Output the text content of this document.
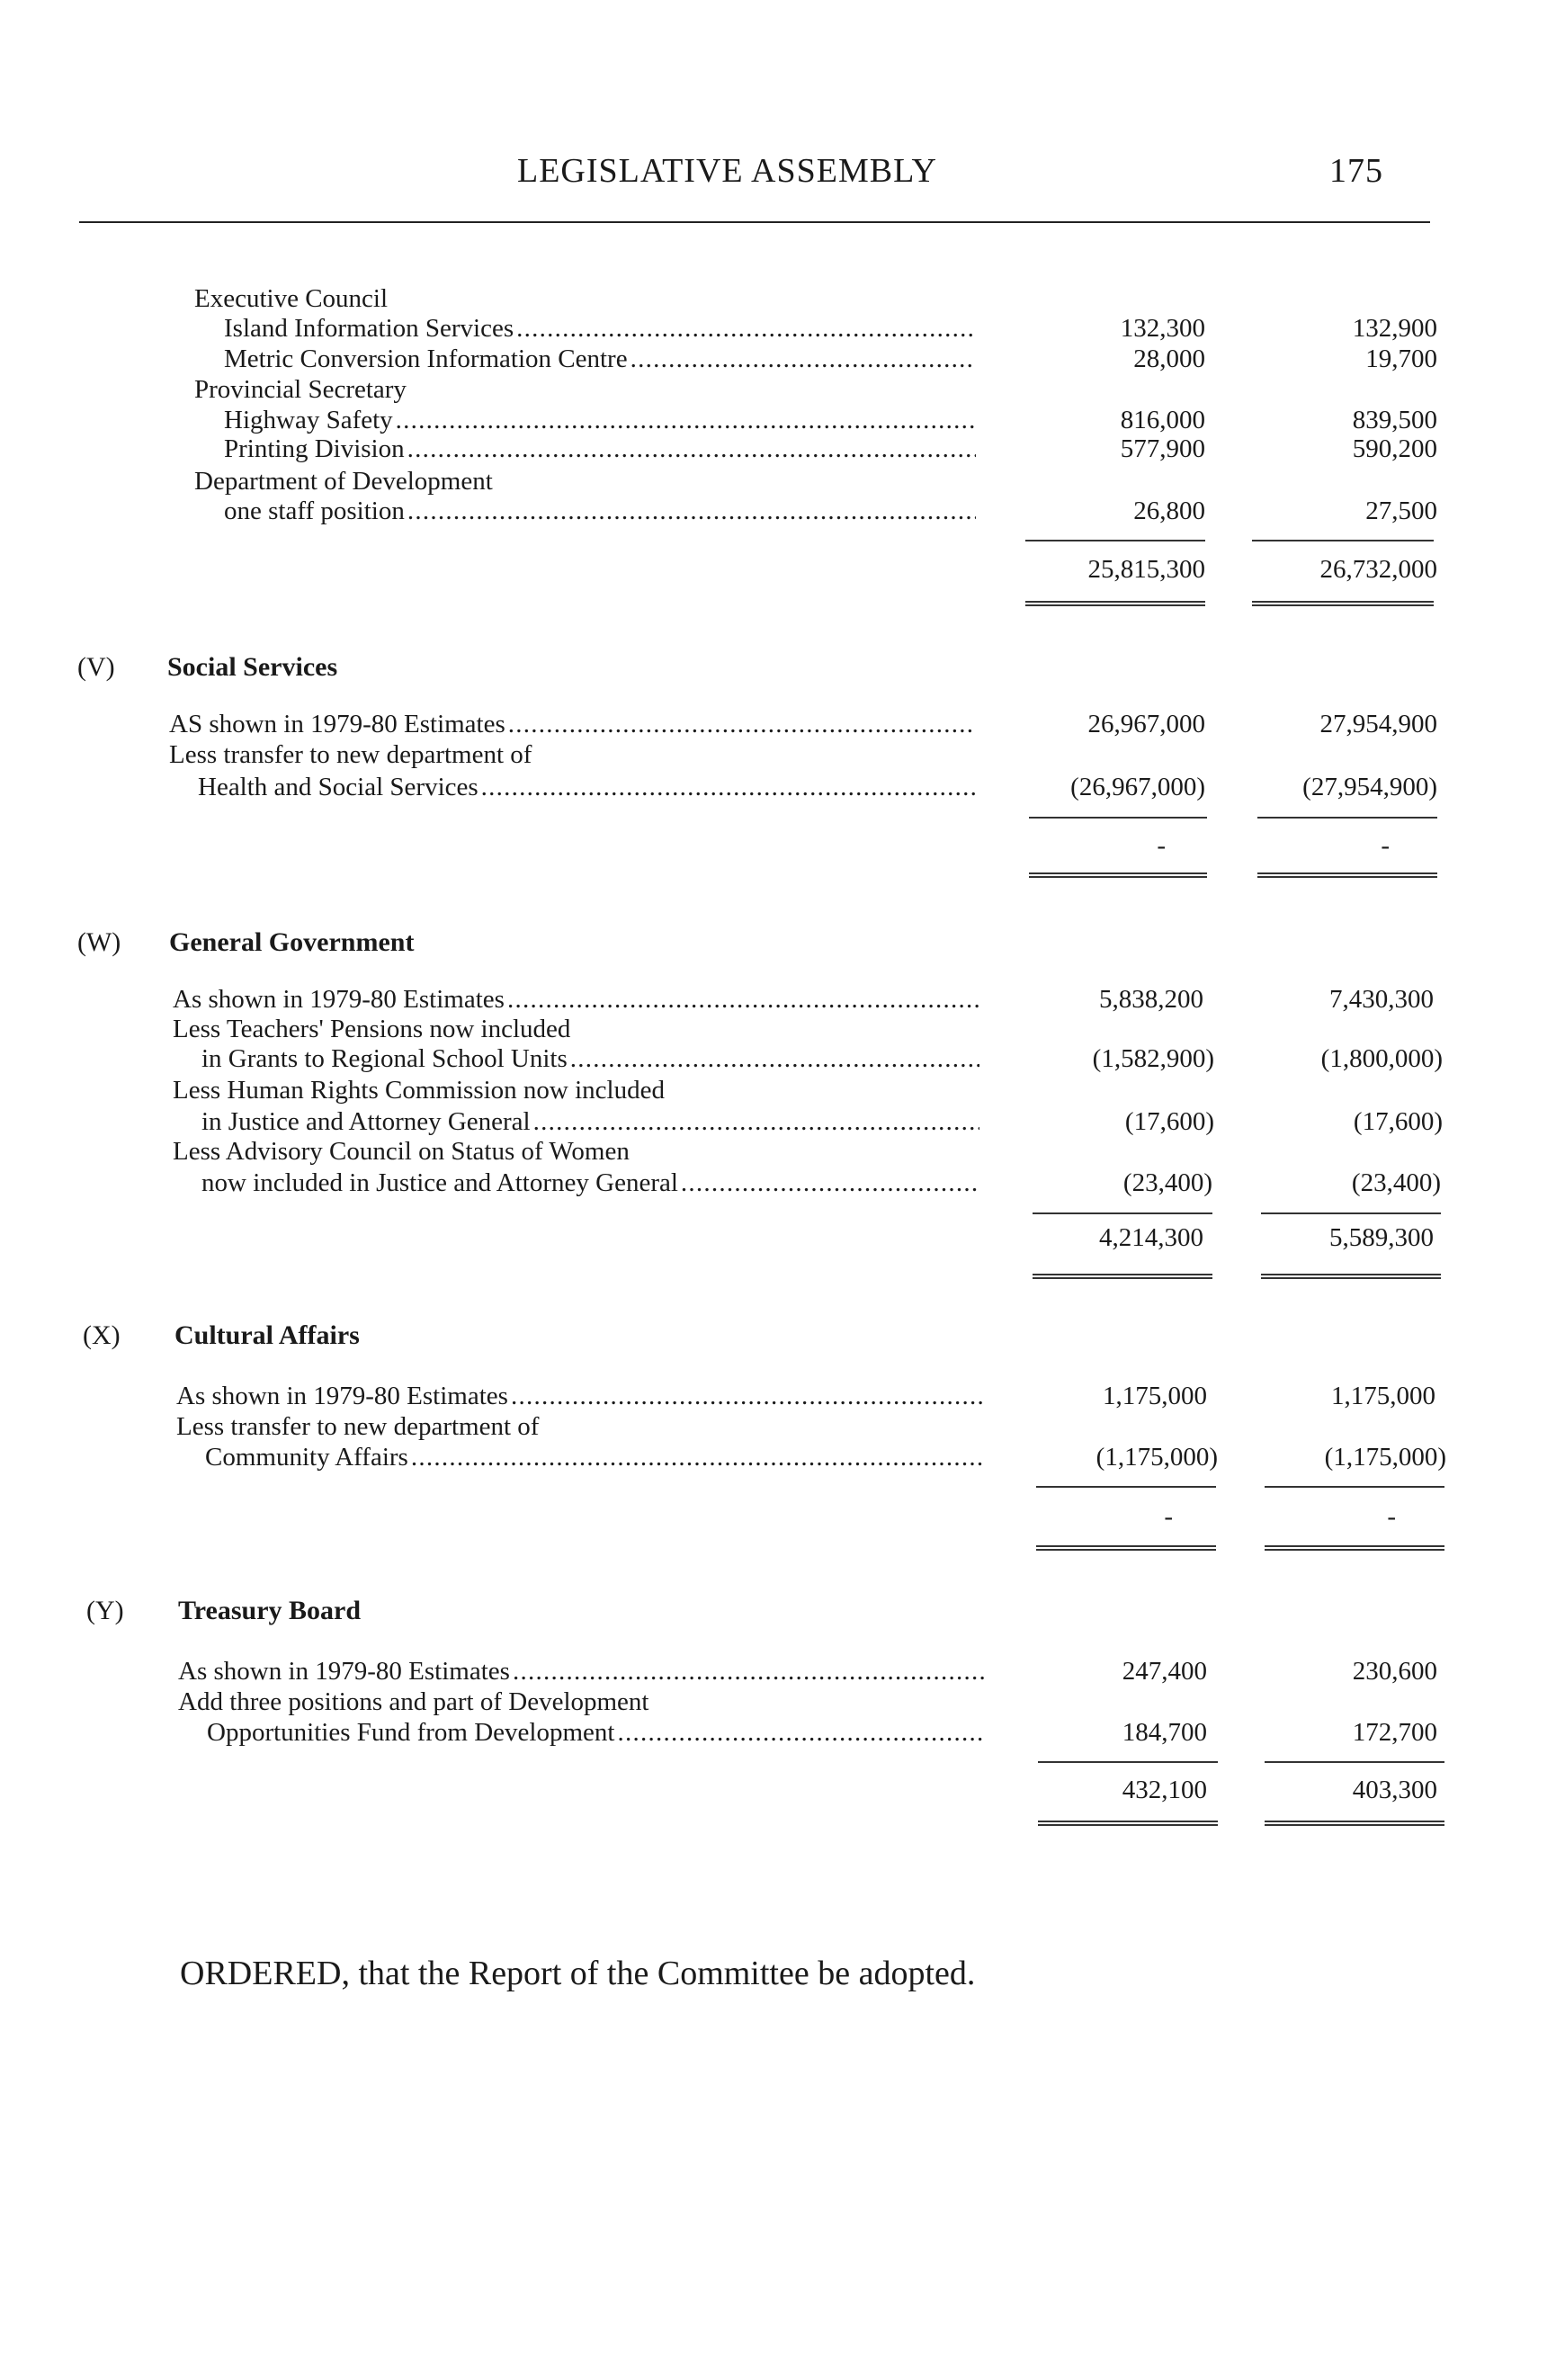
LEGISLATIVE ASSEMBLY	175
Executive Council
Island Information Services . . .	132,300	132,900
Metric Conversion Information Centre . . .	28,000	19,700
Provincial Secretary
Highway Safety . . .	816,000	839,500
Printing Division . . .	577,900	590,200
Department of Development
one staff position . . .	26,800	27,500
25,815,300	26,732,000
(V) Social Services
AS shown in 1979-80 Estimates . . .	26,967,000	27,954,900
Less transfer to new department of
Health and Social Services . . .	(26,967,000)	(27,954,900)
-	-
(W) General Government
As shown in 1979-80 Estimates . . .	5,838,200	7,430,300
Less Teachers' Pensions now included
in Grants to Regional School Units . . .	(1,582,900)	(1,800,000)
Less Human Rights Commission now included
in Justice and Attorney General . . .	(17,600)	(17,600)
Less Advisory Council on Status of Women
now included in Justice and Attorney General . . .	(23,400)	(23,400)
4,214,300	5,589,300
(X) Cultural Affairs
As shown in 1979-80 Estimates . . .	1,175,000	1,175,000
Less transfer to new department of
Community Affairs . . .	(1,175,000)	(1,175,000)
-	-
(Y) Treasury Board
As shown in 1979-80 Estimates . . .	247,400	230,600
Add three positions and part of Development
Opportunities Fund from Development . . .	184,700	172,700
432,100	403,300
ORDERED, that the Report of the Committee be adopted.
